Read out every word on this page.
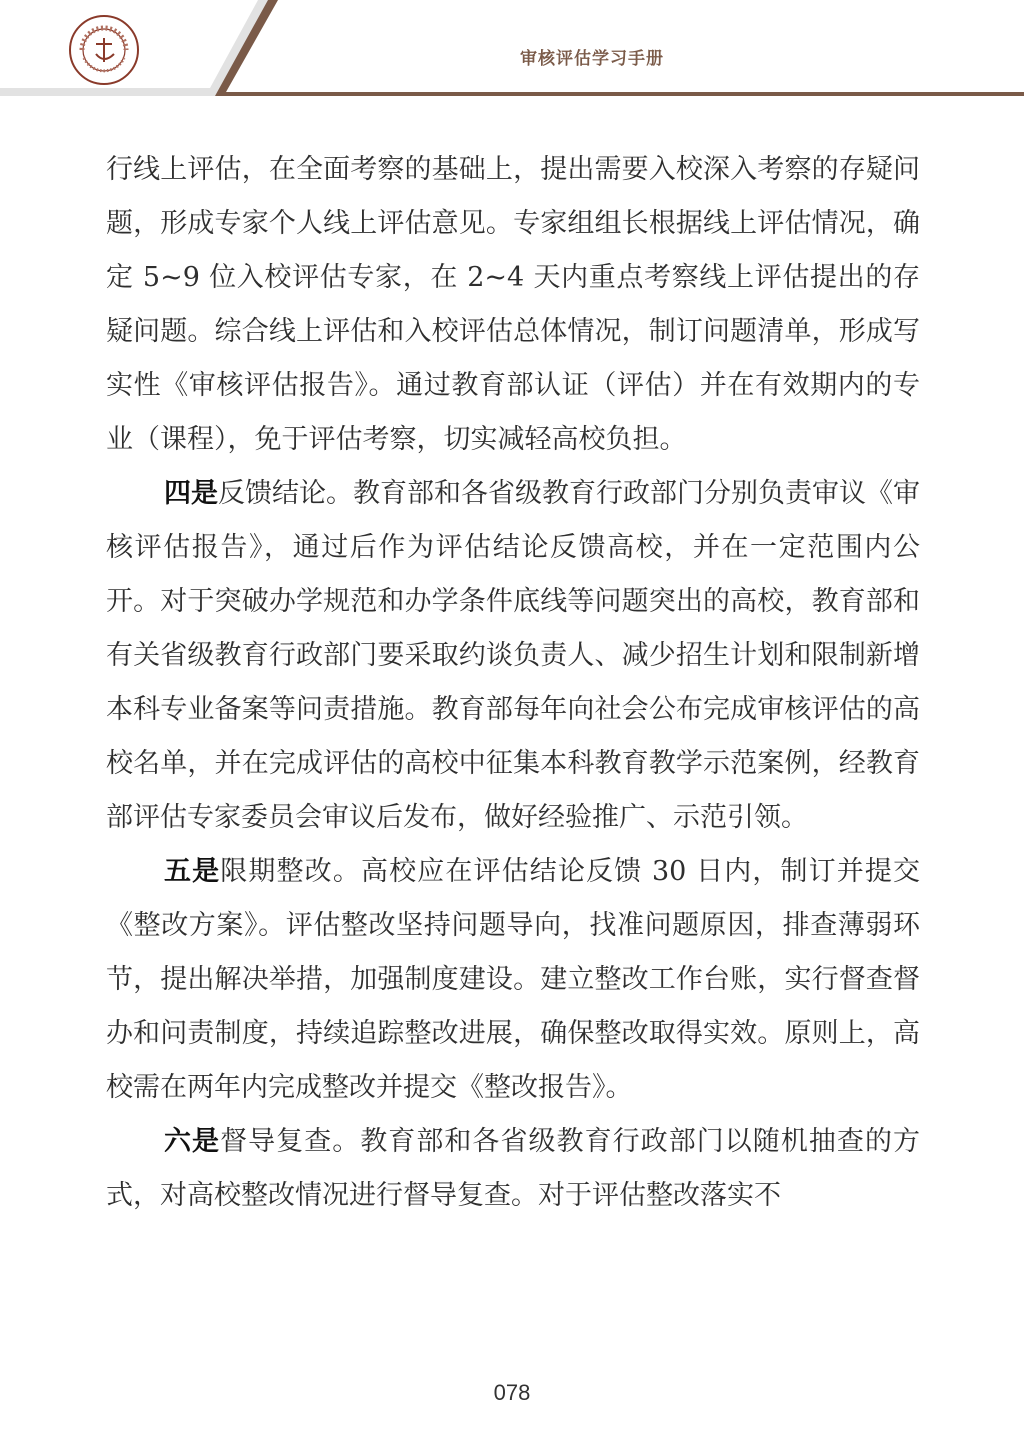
审核评估学习手册

行线上评估，在全面考察的基础上，提出需要入校深入考察的存疑问题，形成专家个人线上评估意见。专家组组长根据线上评估情况，确定 5~9 位入校评估专家，在 2~4 天内重点考察线上评估提出的存疑问题。综合线上评估和入校评估总体情况，制订问题清单，形成写实性《审核评估报告》。通过教育部认证（评估）并在有效期内的专业（课程），免于评估考察，切实减轻高校负担。

四是反馈结论。教育部和各省级教育行政部门分别负责审议《审核评估报告》，通过后作为评估结论反馈高校，并在一定范围内公开。对于突破办学规范和办学条件底线等问题突出的高校，教育部和有关省级教育行政部门要采取约谈负责人、减少招生计划和限制新增本科专业备案等问责措施。教育部每年向社会公布完成审核评估的高校名单，并在完成评估的高校中征集本科教育教学示范案例，经教育部评估专家委员会审议后发布，做好经验推广、示范引领。

五是限期整改。高校应在评估结论反馈 30 日内，制订并提交《整改方案》。评估整改坚持问题导向，找准问题原因，排查薄弱环节，提出解决举措，加强制度建设。建立整改工作台账，实行督查督办和问责制度，持续追踪整改进展，确保整改取得实效。原则上，高校需在两年内完成整改并提交《整改报告》。

六是督导复查。教育部和各省级教育行政部门以随机抽查的方式，对高校整改情况进行督导复查。对于评估整改落实不

078
